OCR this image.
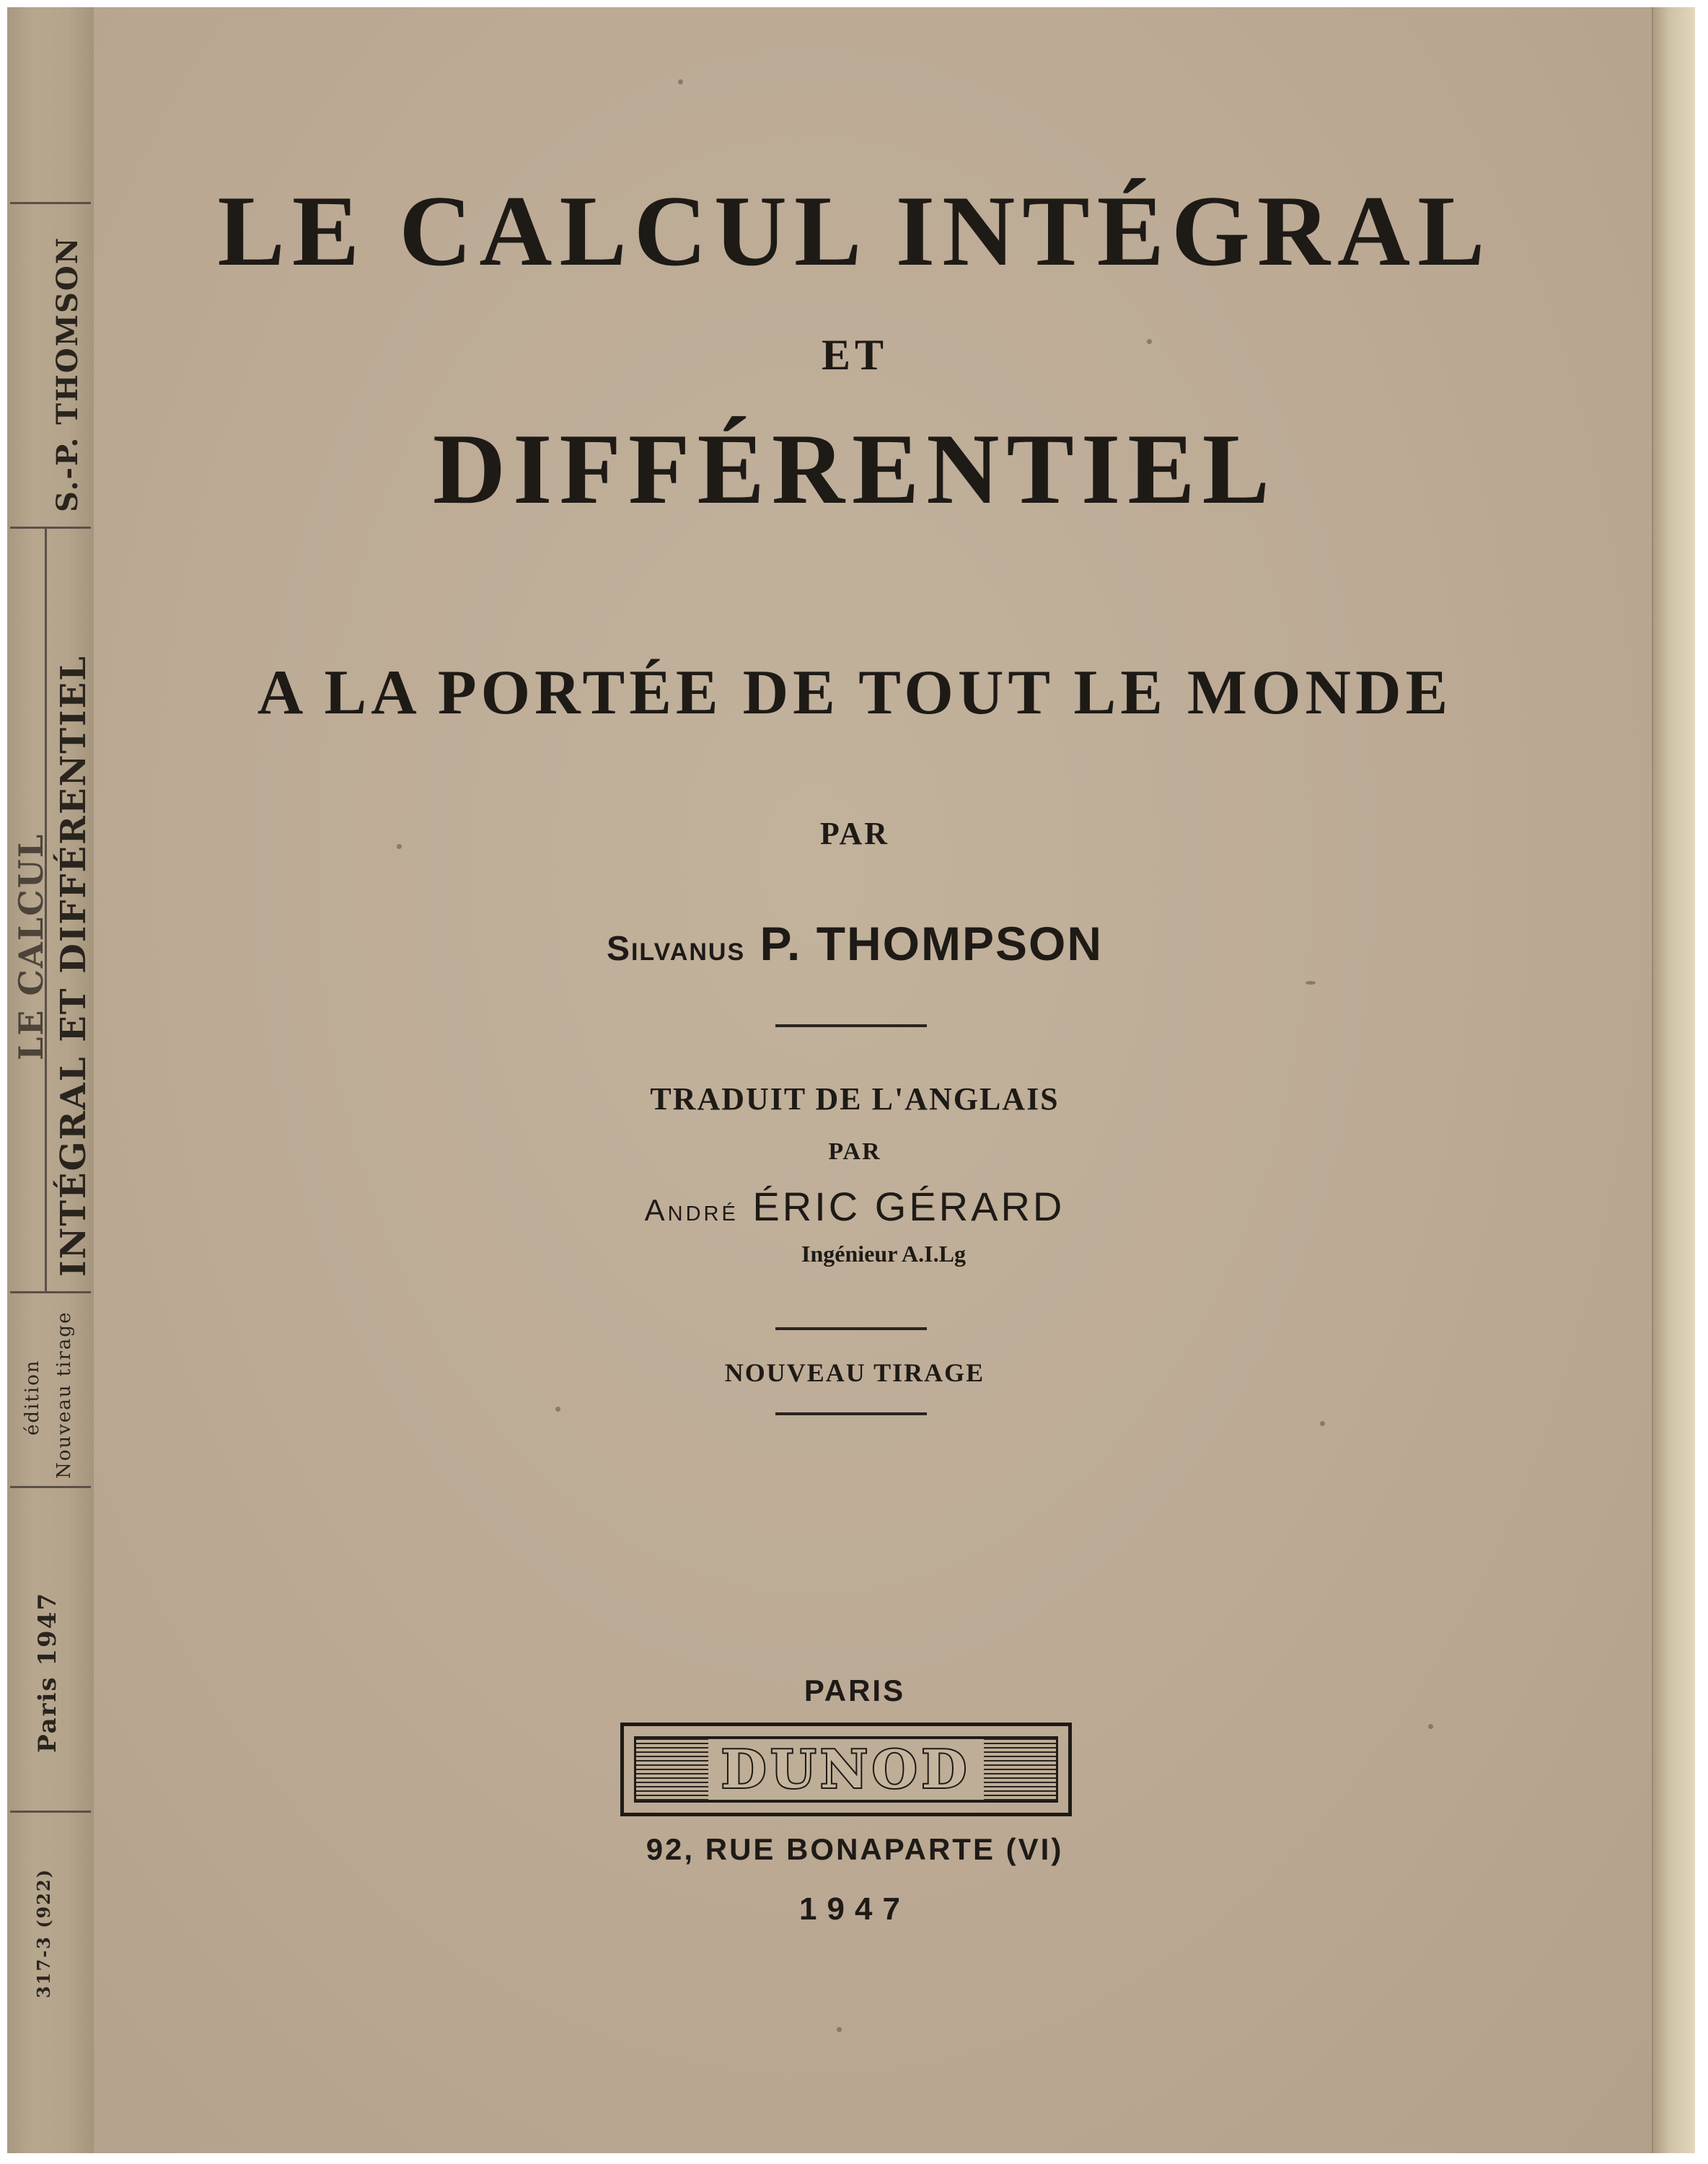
S.-P. THOMSON
INTÉGRAL ET DIFFÉRENTIEL
LE CALCUL
Nouveau tirage
édition
Paris 1947
317-3 (922)
LE CALCUL INTÉGRAL
ET
DIFFÉRENTIEL
A LA PORTÉE DE TOUT LE MONDE
PAR
Silvanus P. THOMPSON
TRADUIT DE L'ANGLAIS
PAR
André ÉRIC GÉRARD
Ingénieur A.I.Lg
NOUVEAU TIRAGE
PARIS
DUNOD
92, RUE BONAPARTE (VI)
1947
